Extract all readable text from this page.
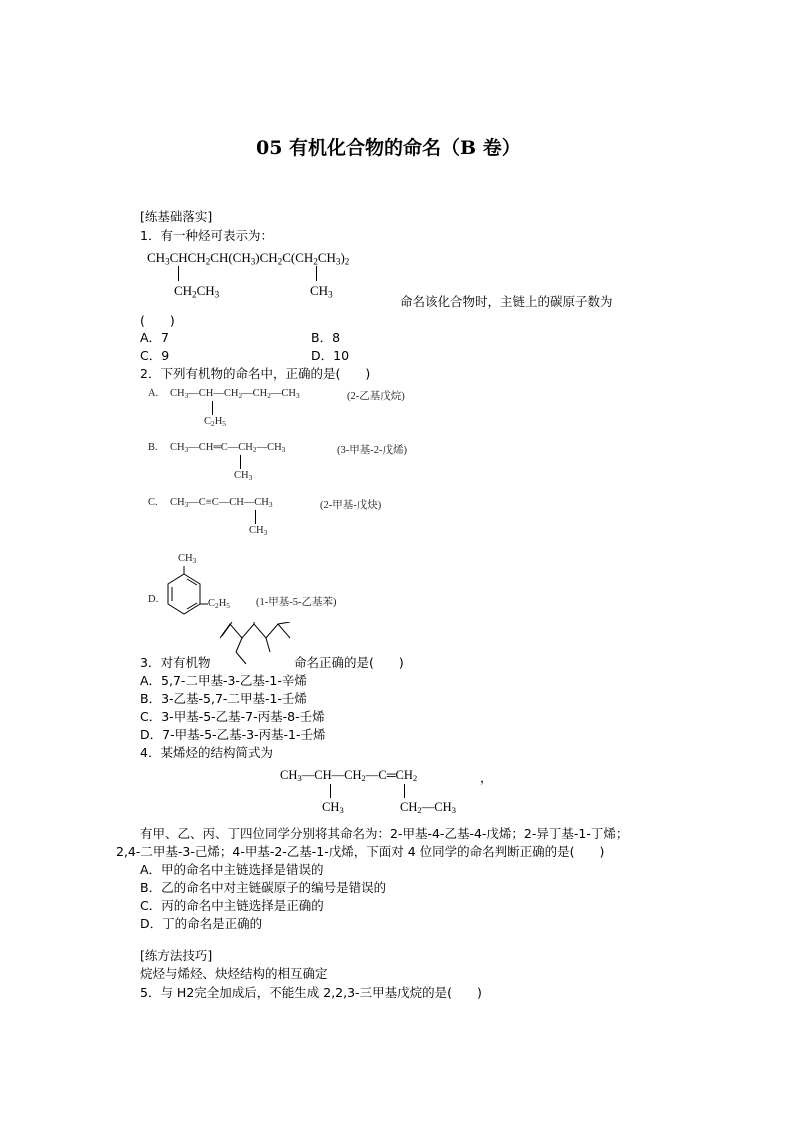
05 有机化合物的命名（B 卷）
[练基础落实]
1．有一种烃可表示为：
$CH_3CHCH_2CH(CH_3)CH_2C(CH_2CH_3)_2$
$CH_2CH_3$	$CH_3$	命名该化合物时，主链上的碳原子数为
(　　)
A．7	B．8
C．9	D．10
2．下列有机物的命名中，正确的是(　　)
A. $CH_3—CH—CH_2—CH_2—CH_3$
$C_2H_5$
(2-乙基戊烷)
B. $CH_3—CH═C—CH_2—CH_3$
$CH_3$
(3-甲基-2-戊烯)
C. $CH_3—C\equiv C—CH—CH_3$
$CH_3$
(2-甲基-戊炔)
D.
$CH_3$
$C_2H_5$ (1-甲基-5-乙基苯)
3．对有机物	命名正确的是(　　)
A．5,7-二甲基-3-乙基-1-辛烯
B．3-乙基-5,7-二甲基-1-壬烯
C．3-甲基-5-乙基-7-丙基-8-壬烯
D．7-甲基-5-乙基-3-丙基-1-壬烯
4．某烯烃的结构简式为
$CH_3—CH—CH_2—C═CH_2$	，
$CH_3$	$CH_2—CH_3$
有甲、乙、丙、丁四位同学分别将其命名为：2-甲基-4-乙基-4-戊烯；2-异丁基-1-丁烯；
2,4-二甲基-3-己烯；4-甲基-2-乙基-1-戊烯，下面对 4 位同学的命名判断正确的是(　　)
A．甲的命名中主链选择是错误的
B．乙的命名中对主链碳原子的编号是错误的
C．丙的命名中主链选择是正确的
D．丁的命名是正确的
[练方法技巧]
烷烃与烯烃、炔烃结构的相互确定
5．与 H2完全加成后，不能生成 2,2,3-三甲基戊烷的是(　　)
